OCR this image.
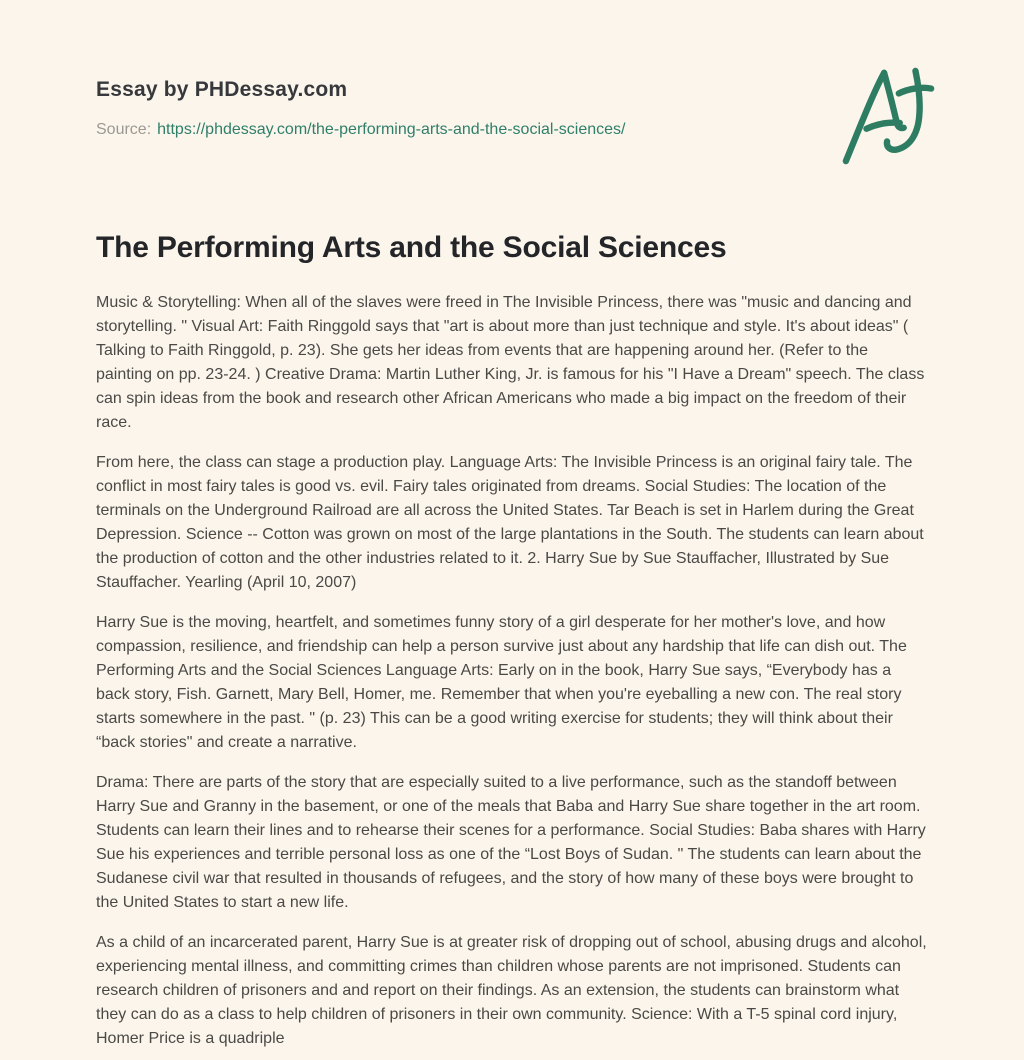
Essay by PHDessay.com
Source: https://phdessay.com/the-performing-arts-and-the-social-sciences/
The Performing Arts and the Social Sciences

Music & Storytelling: When all of the slaves were freed in The Invisible Princess, there was "music and dancing and storytelling. " Visual Art: Faith Ringgold says that "art is about more than just technique and style. It's about ideas" ( Talking to Faith Ringgold, p. 23). She gets her ideas from events that are happening around her. (Refer to the painting on pp. 23-24. ) Creative Drama: Martin Luther King, Jr. is famous for his "I Have a Dream" speech. The class can spin ideas from the book and research other African Americans who made a big impact on the freedom of their race.

From here, the class can stage a production play. Language Arts: The Invisible Princess is an original fairy tale. The conflict in most fairy tales is good vs. evil. Fairy tales originated from dreams. Social Studies: The location of the terminals on the Underground Railroad are all across the United States. Tar Beach is set in Harlem during the Great Depression. Science -- Cotton was grown on most of the large plantations in the South. The students can learn about the production of cotton and the other industries related to it. 2. Harry Sue by Sue Stauffacher, Illustrated by Sue Stauffacher. Yearling (April 10, 2007)

Harry Sue is the moving, heartfelt, and sometimes funny story of a girl desperate for her mother's love, and how compassion, resilience, and friendship can help a person survive just about any hardship that life can dish out. The Performing Arts and the Social Sciences Language Arts: Early on in the book, Harry Sue says, “Everybody has a back story, Fish. Garnett, Mary Bell, Homer, me. Remember that when you're eyeballing a new con. The real story starts somewhere in the past. " (p. 23) This can be a good writing exercise for students; they will think about their “back stories" and create a narrative.

Drama: There are parts of the story that are especially suited to a live performance, such as the standoff between Harry Sue and Granny in the basement, or one of the meals that Baba and Harry Sue share together in the art room. Students can learn their lines and to rehearse their scenes for a performance. Social Studies: Baba shares with Harry Sue his experiences and terrible personal loss as one of the “Lost Boys of Sudan. " The students can learn about the Sudanese civil war that resulted in thousands of refugees, and the story of how many of these boys were brought to the United States to start a new life.

As a child of an incarcerated parent, Harry Sue is at greater risk of dropping out of school, abusing drugs and alcohol, experiencing mental illness, and committing crimes than children whose parents are not imprisoned. Students can research children of prisoners and and report on their findings. As an extension, the students can brainstorm what they can do as a class to help children of prisoners in their own community. Science: With a T-5 spinal cord injury, Homer Price is a quadriple
